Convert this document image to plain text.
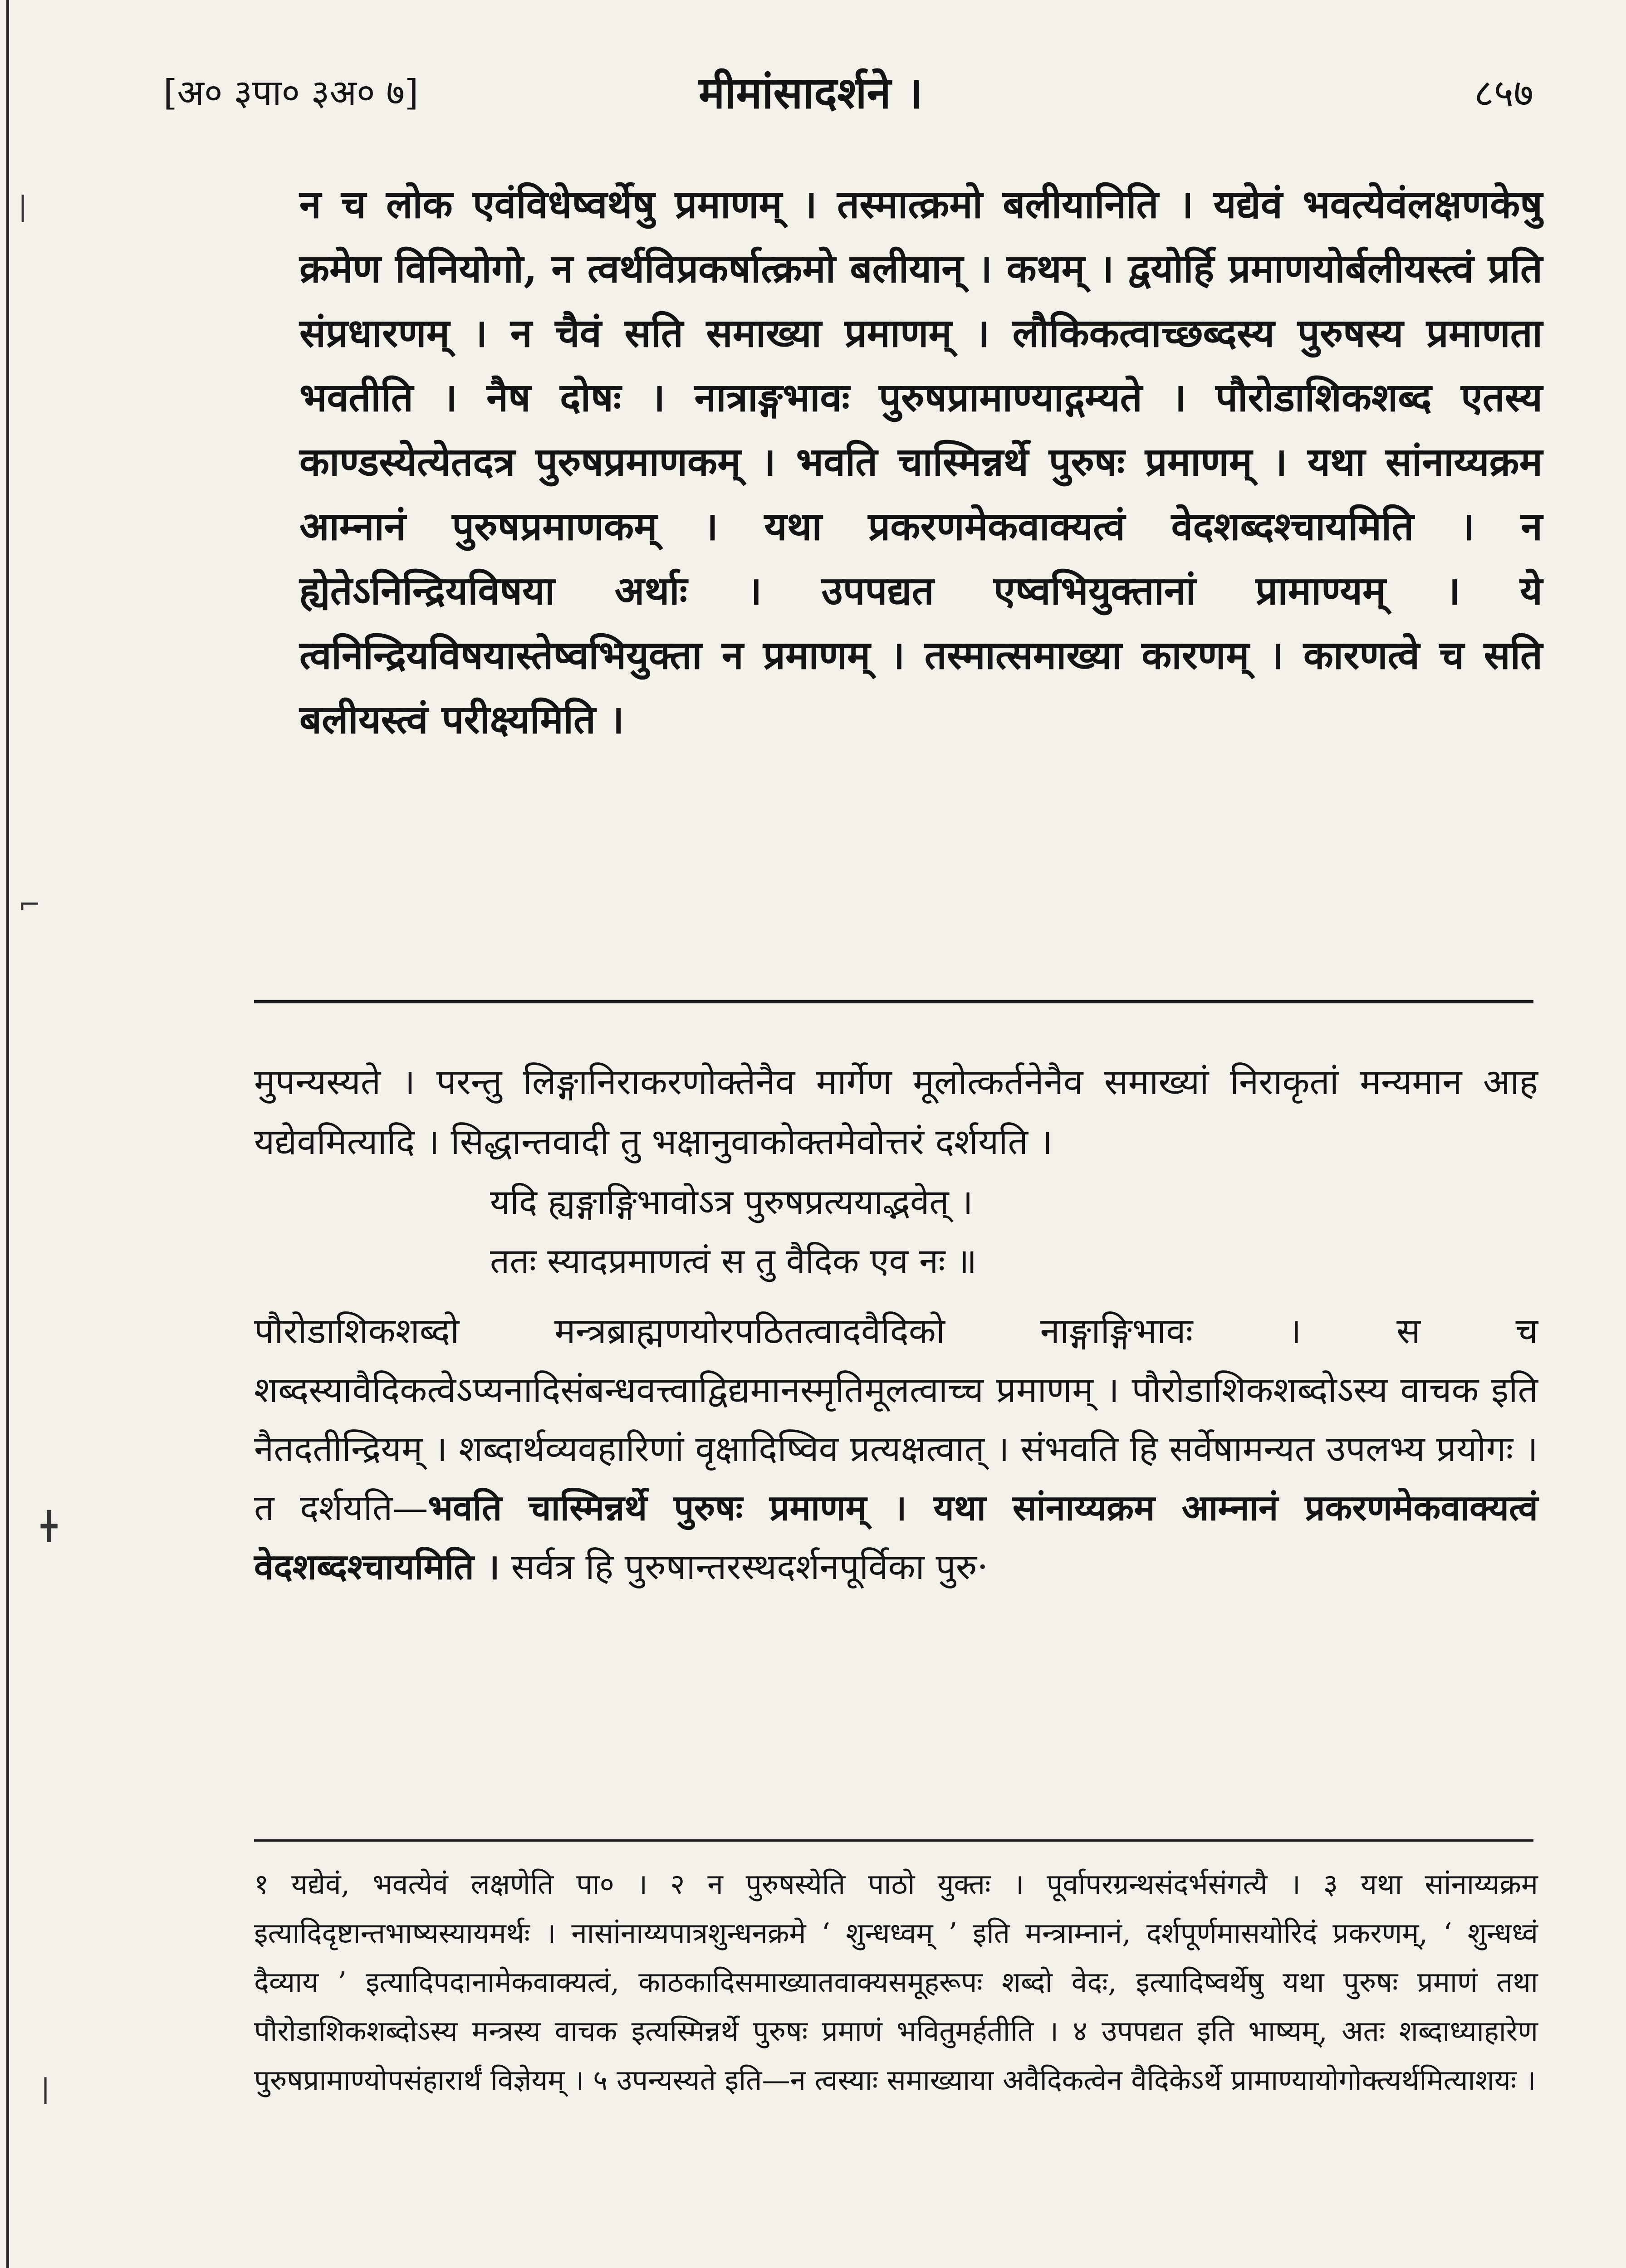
|
⌐
╋
|
[अ० ३पा० ३अ० ७]	मीमांसादर्शने ।	८५७

न च लोक एवंविधेष्वर्थेषु प्रमाणम् । तस्मात्क्रमो बलीयानिति । यद्येवं भवत्येवंलक्षणकेषु क्रमेण विनियोगो, न त्वर्थविप्रकर्षात्क्रमो बलीयान् । कथम् । द्वयोर्हि प्रमाणयोर्बलीयस्त्वं प्रति संप्रधारणम् । न चैवं सति समाख्या प्रमाणम् । लौकिकत्वाच्छब्दस्य पुरुषस्य प्रमाणता भवतीति । नैष दोषः । नात्राङ्गभावः पुरुषप्रामाण्याद्गम्यते । पौरोडाशिकशब्द एतस्य काण्डस्येत्येतदत्र पुरुषप्रमाणकम् । भवति चास्मिन्नर्थे पुरुषः प्रमाणम् । यथा सांनाय्यक्रम आम्नानं पुरुषप्रमाणकम् । यथा प्रकरणमेकवाक्यत्वं वेदशब्दश्चायमिति । न ह्येतेऽनिन्द्रियविषया अर्थाः । उपपद्यत एष्वभियुक्तानां प्रामाण्यम् । ये त्वनिन्द्रियविषयास्तेष्वभियुक्ता न प्रमाणम् । तस्मात्समाख्या कारणम् । कारणत्वे च सति बलीयस्त्वं परीक्ष्यमिति ।

मुपन्यस्यते । परन्तु लिङ्गानिराकरणोक्तेनैव मार्गेण मूलोत्कर्तनेनैव समाख्यां निराकृतां मन्यमान आह यद्येवमित्यादि । सिद्धान्तवादी तु भक्षानुवाकोक्तमेवोत्तरं दर्शयति ।

यदि ह्यङ्गाङ्गिभावोऽत्र पुरुषप्रत्ययाद्भवेत् ।

ततः स्यादप्रमाणत्वं स तु वैदिक एव नः ॥

पौरोडाशिकशब्दो मन्त्रब्राह्मणयोरपठितत्वादवैदिको नाङ्गाङ्गिभावः । स च शब्दस्यावैदिकत्वेऽप्यनादिसंबन्धवत्त्वाद्विद्यमानस्मृतिमूलत्वाच्च प्रमाणम् । पौरोडाशिकशब्दोऽस्य वाचक इति नैतदतीन्द्रियम् । शब्दार्थव्यवहारिणां वृक्षादिष्विव प्रत्यक्षत्वात् । संभवति हि सर्वेषामन्यत उपलभ्य प्रयोगः । त दर्शयति—भवति चास्मिन्नर्थे पुरुषः प्रमाणम् । यथा सांनाय्यक्रम आम्नानं प्रकरणमेकवाक्यत्वं वेदशब्दश्चायमिति । सर्वत्र हि पुरुषान्तरस्थदर्शनपूर्विका पुरु·

१ यद्येवं, भवत्येवं लक्षणेति पा० । २ न पुरुषस्येति पाठो युक्तः । पूर्वापरग्रन्थसंदर्भसंगत्यै । ३ यथा सांनाय्यक्रम इत्यादिदृष्टान्तभाष्यस्यायमर्थः । नासांनाय्यपात्रशुन्धनक्रमे ‘ शुन्धध्वम् ’ इति मन्त्राम्नानं, दर्शपूर्णमासयोरिदं प्रकरणम्, ‘ शुन्धध्वं दैव्याय ’ इत्यादिपदानामेकवाक्यत्वं, काठकादिसमाख्यातवाक्यसमूहरूपः शब्दो वेदः, इत्यादिष्वर्थेषु यथा पुरुषः प्रमाणं तथा पौरोडाशिकशब्दोऽस्य मन्त्रस्य वाचक इत्यस्मिन्नर्थे पुरुषः प्रमाणं भवितुमर्हतीति । ४ उपपद्यत इति भाष्यम्, अतः शब्दाध्याहारेण पुरुषप्रामाण्योपसंहारार्थं विज्ञेयम् । ५ उपन्यस्यते इति—न त्वस्याः समाख्याया अवैदिकत्वेन वैदिकेऽर्थे प्रामाण्यायोगोक्त्यर्थमित्याशयः ।
